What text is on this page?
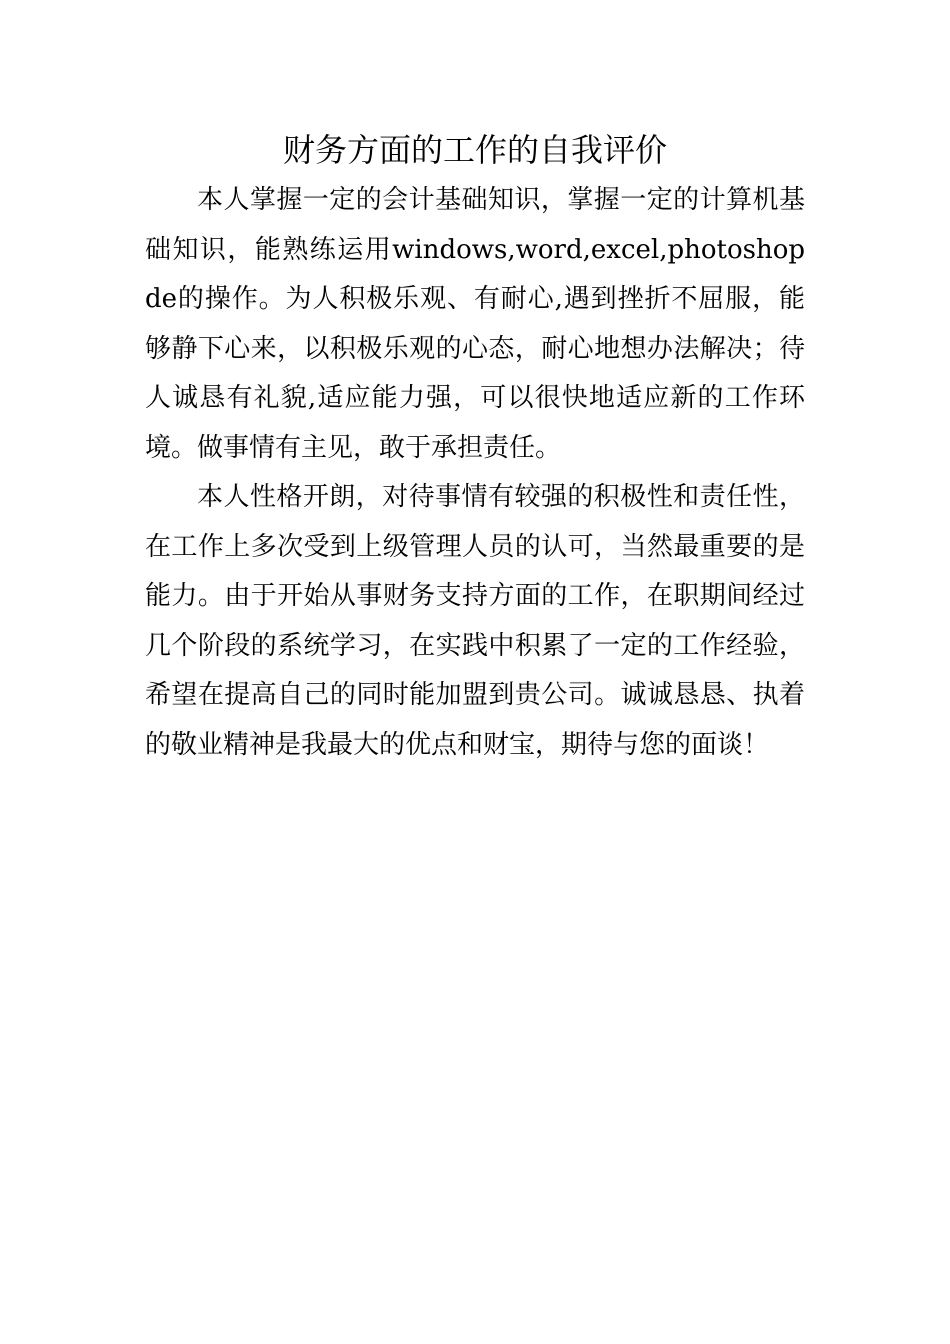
财务方面的工作的自我评价

本人掌握一定的会计基础知识，掌握一定的计算机基础知识，能熟练运用windows,word,excel,photoshopde的操作。为人积极乐观、有耐心,遇到挫折不屈服，能够静下心来，以积极乐观的心态，耐心地想办法解决；待人诚恳有礼貌,适应能力强，可以很快地适应新的工作环境。做事情有主见，敢于承担责任。

本人性格开朗，对待事情有较强的积极性和责任性，在工作上多次受到上级管理人员的认可，当然最重要的是能力。由于开始从事财务支持方面的工作，在职期间经过几个阶段的系统学习，在实践中积累了一定的工作经验，希望在提高自己的同时能加盟到贵公司。诚诚恳恳、执着的敬业精神是我最大的优点和财宝，期待与您的面谈！
